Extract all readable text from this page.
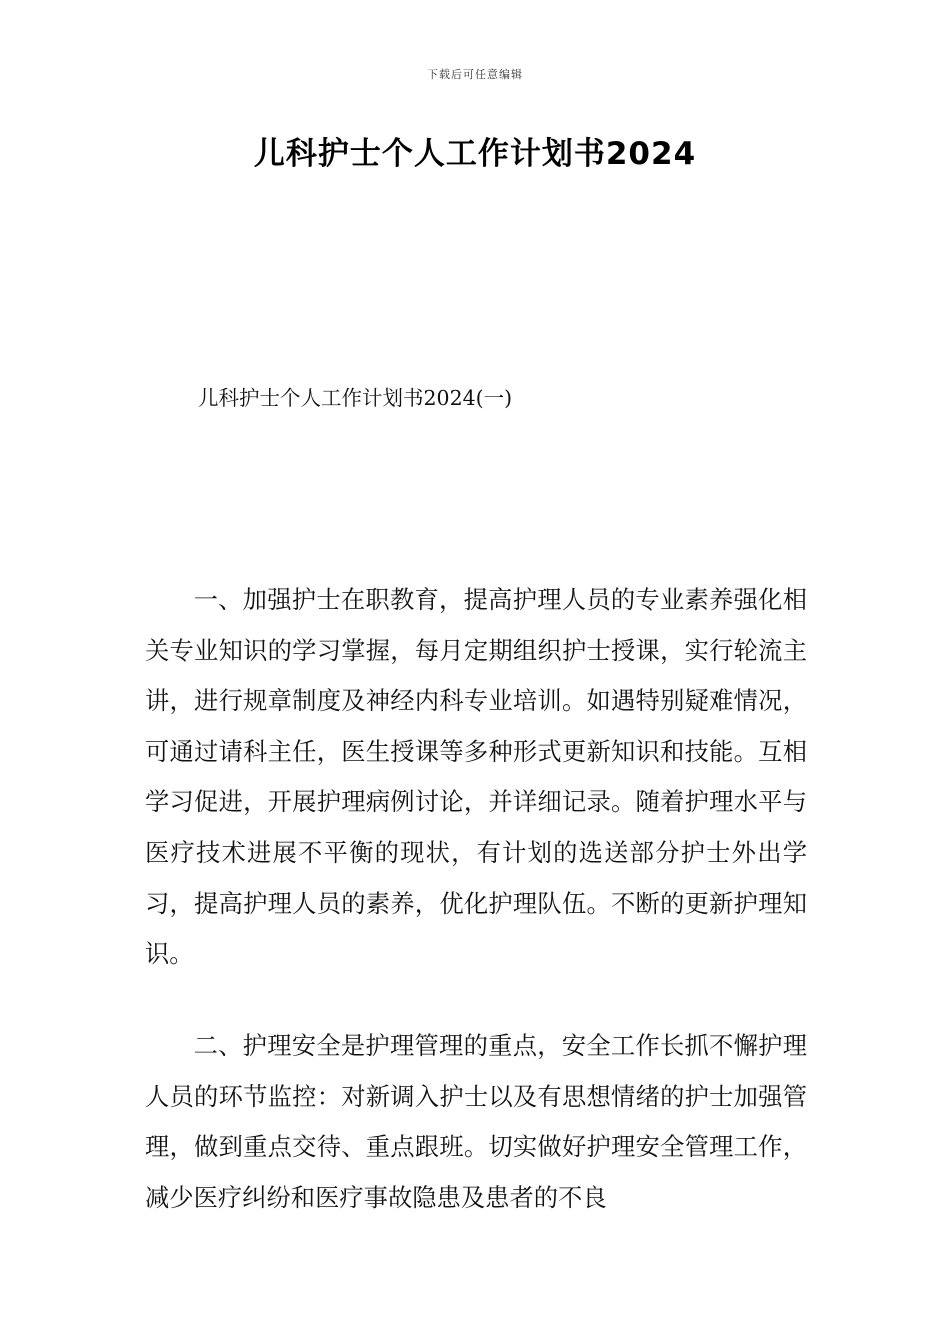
下载后可任意编辑
儿科护士个人工作计划书2024
儿科护士个人工作计划书2024(一)

一、加强护士在职教育，提高护理人员的专业素养强化相关专业知识的学习掌握，每月定期组织护士授课，实行轮流主讲，进行规章制度及神经内科专业培训。如遇特别疑难情况，可通过请科主任，医生授课等多种形式更新知识和技能。互相学习促进，开展护理病例讨论，并详细记录。随着护理水平与医疗技术进展不平衡的现状，有计划的选送部分护士外出学习，提高护理人员的素养，优化护理队伍。不断的更新护理知识。

二、护理安全是护理管理的重点，安全工作长抓不懈护理人员的环节监控：对新调入护士以及有思想情绪的护士加强管理，做到重点交待、重点跟班。切实做好护理安全管理工作，减少医疗纠纷和医疗事故隐患及患者的不良
